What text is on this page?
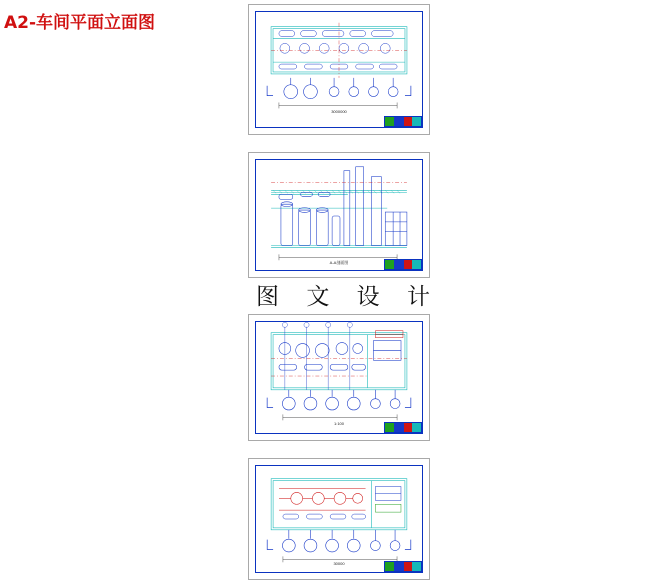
A2-车间平面立面图
图 文 设 计
3000000
A-A剖面图
1:100
30000
